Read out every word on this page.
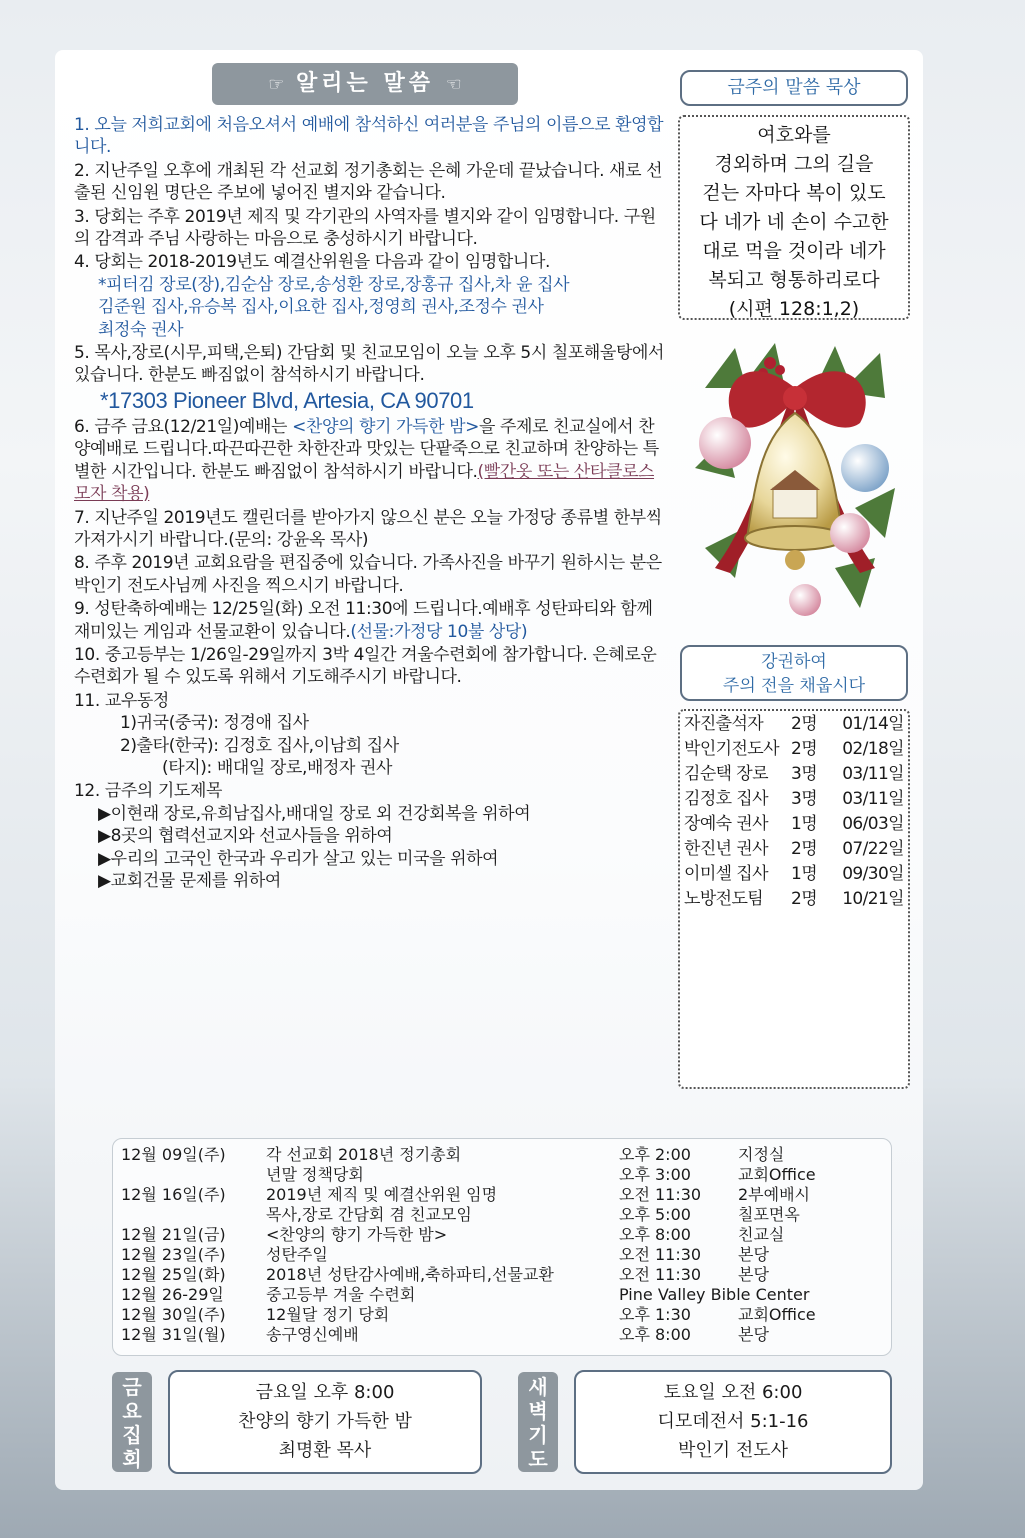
☞ 알리는 말씀 ☜

1. 오늘 저희교회에 처음오셔서 예배에 참석하신 여러분을 주님의 이름으로 환영합니다.

2. 지난주일 오후에 개최된 각 선교회 정기총회는 은혜 가운데 끝났습니다. 새로 선출된 신임원 명단은 주보에 넣어진 별지와 같습니다.

3. 당회는 주후 2019년 제직 및 각기관의 사역자를 별지와 같이 임명합니다. 구원의 감격과 주님 사랑하는 마음으로 충성하시기 바랍니다.

4. 당회는 2018-2019년도 예결산위원을 다음과 같이 임명합니다.
*피터김 장로(장),김순삼 장로,송성환 장로,장홍규 집사,차 윤 집사
김준원 집사,유승복 집사,이요한 집사,정영희 권사,조정수 권사
최정숙 권사

5. 목사,장로(시무,피택,은퇴) 간담회 및 친교모임이 오늘 오후 5시 칠포해울탕에서 있습니다. 한분도 빠짐없이 참석하시기 바랍니다.
*17303 Pioneer Blvd, Artesia, CA 90701

6. 금주 금요(12/21일)예배는 <찬양의 향기 가득한 밤>을 주제로 친교실에서 찬양예배로 드립니다.따끈따끈한 차한잔과 맛있는 단팥죽으로 친교하며 찬양하는 특별한 시간입니다. 한분도 빠짐없이 참석하시기 바랍니다.(빨간옷 또는 산타클로스 모자 착용)

7. 지난주일 2019년도 캘린더를 받아가지 않으신 분은 오늘 가정당 종류별 한부씩 가져가시기 바랍니다.(문의: 강윤옥 목사)

8. 주후 2019년 교회요람을 편집중에 있습니다. 가족사진을 바꾸기 원하시는 분은 박인기 전도사님께 사진을 찍으시기 바랍니다.

9. 성탄축하예배는 12/25일(화) 오전 11:30에 드립니다.예배후 성탄파티와 함께 재미있는 게임과 선물교환이 있습니다.(선물:가정당 10불 상당)

10. 중고등부는 1/26일-29일까지 3박 4일간 겨울수련회에 참가합니다. 은혜로운 수련회가 될 수 있도록 위해서 기도해주시기 바랍니다.

11. 교우동정
1)귀국(중국): 정경애 집사
2)출타(한국): 김정호 집사,이남희 집사
(타지): 배대일 장로,배정자 권사

12. 금주의 기도제목
▶이현래 장로,유희남집사,배대일 장로 외 건강회복을 위하여
▶8곳의 협력선교지와 선교사들을 위하여
▶우리의 고국인 한국과 우리가 살고 있는 미국을 위하여
▶교회건물 문제를 위하여

금주의 말씀 묵상
여호와를
경외하며 그의 길을
걷는 자마다 복이 있도
다 네가 네 손이 수고한
대로 먹을 것이라 네가
복되고 형통하리로다
(시편 128:1,2)
강권하여
주의 전을 채웁시다
자진출석자	2명	01/14일
박인기전도사 2명	02/18일
김순택 장로	3명	03/11일
김정호 집사	3명	03/11일
장예숙 권사	1명	06/03일
한진년 권사	2명	07/22일
이미셀 집사	1명	09/30일
노방전도팀	2명	10/21일
12월 09일(주)	각 선교회 2018년 정기총회	오후 2:00	지정실
년말 정책당회	오후 3:00	교회Office
12월 16일(주)	2019년 제직 및 예결산위원 임명	오전 11:30 2부예배시
목사,장로 간담회 겸 친교모임	오후 5:00	칠포면옥
12월 21일(금)	<찬양의 향기 가득한 밤>	오후 8:00	친교실
12월 23일(주)	성탄주일	오전 11:30 본당
12월 25일(화)	2018년 성탄감사예배,축하파티,선물교환	오전 11:30 본당
12월 26-29일	중고등부 겨울 수련회	Pine Valley Bible Center
12월 30일(주)	12월달 정기 당회	오후 1:30	교회Office
12월 31일(월)	송구영신예배	오후 8:00	본당
금
요
집
회
금요일 오후 8:00
찬양의 향기 가득한 밤
최명환 목사
새
벽
기
도
토요일 오전 6:00
디모데전서 5:1-16
박인기 전도사
